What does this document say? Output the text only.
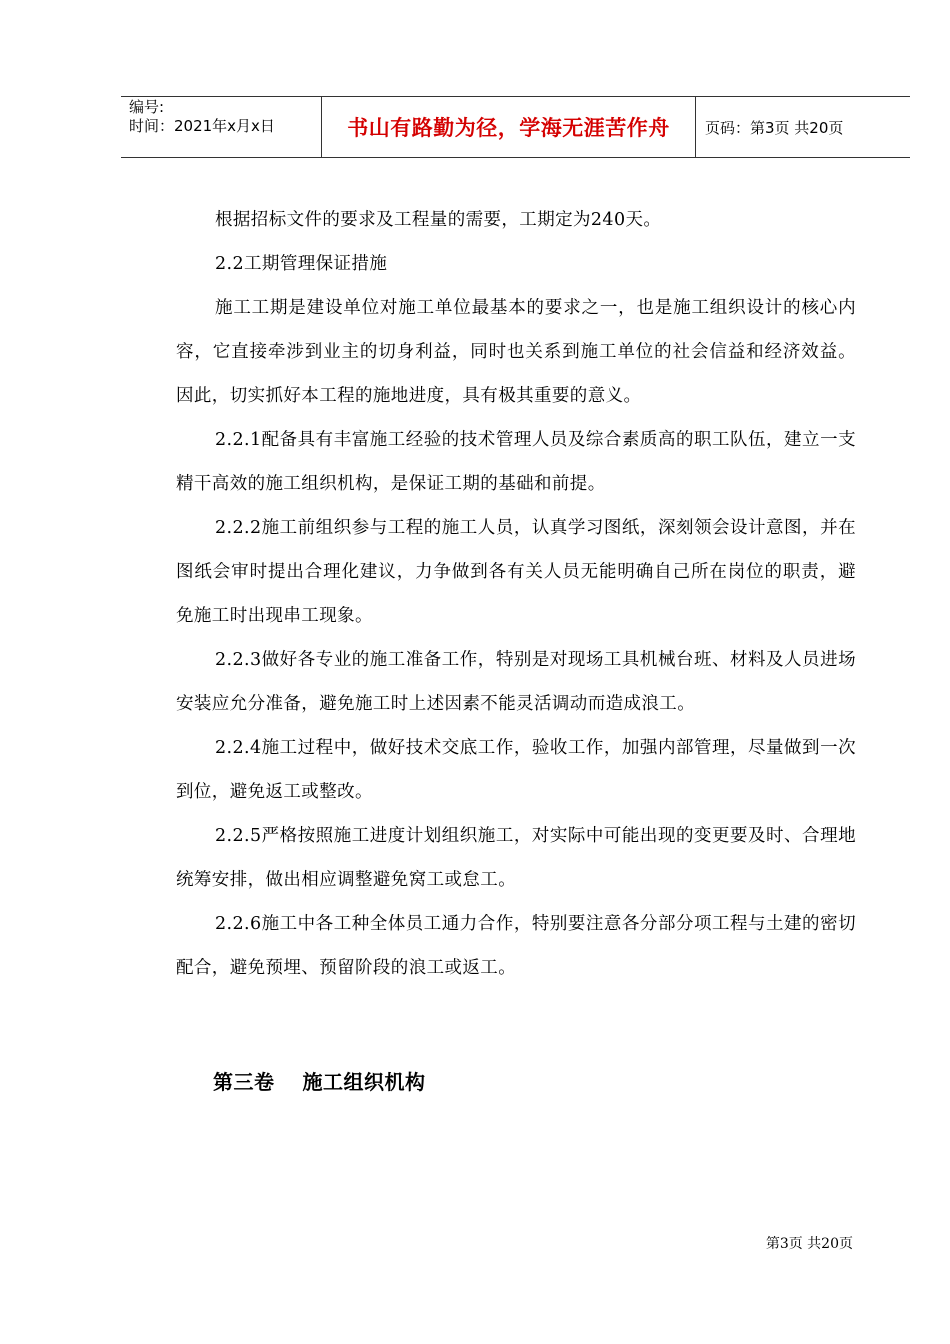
编号:
时间：2021年x月x日	书山有路勤为径，学海无涯苦作舟 页码：第3页 共20页

根据招标文件的要求及工程量的需要，工期定为240天。

2.2工期管理保证措施

施工工期是建设单位对施工单位最基本的要求之一，也是施工组织设计的核心内容，它直接牵涉到业主的切身利益，同时也关系到施工单位的社会信益和经济效益。因此，切实抓好本工程的施地进度，具有极其重要的意义。

2.2.1配备具有丰富施工经验的技术管理人员及综合素质高的职工队伍，建立一支精干高效的施工组织机构，是保证工期的基础和前提。

2.2.2施工前组织参与工程的施工人员，认真学习图纸，深刻领会设计意图，并在图纸会审时提出合理化建议，力争做到各有关人员无能明确自己所在岗位的职责，避免施工时出现串工现象。

2.2.3做好各专业的施工准备工作，特别是对现场工具机械台班、材料及人员进场安装应允分准备，避免施工时上述因素不能灵活调动而造成浪工。

2.2.4施工过程中，做好技术交底工作，验收工作，加强内部管理，尽量做到一次到位，避免返工或整改。

2.2.5严格按照施工进度计划组织施工，对实际中可能出现的变更要及时、合理地统筹安排，做出相应调整避免窝工或怠工。

2.2.6施工中各工种全体员工通力合作，特别要注意各分部分项工程与土建的密切配合，避免预埋、预留阶段的浪工或返工。

第三卷 施工组织机构
第3页 共20页
